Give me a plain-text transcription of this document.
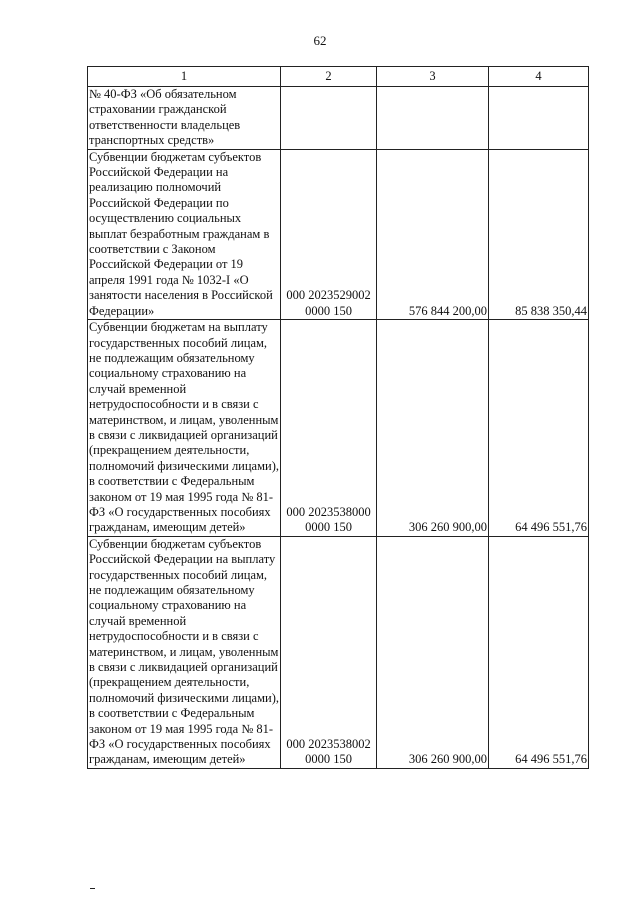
62
1	2	3	4
№ 40-ФЗ «Об обязательном страховании гражданской ответственности владельцев транспортных средств»	

Субвенции бюджетам субъектов Российской Федерации на реализацию полномочий Российской Федерации по осуществлению социальных выплат безработным гражданам в соответствии с Законом Российской Федерации от 19 апреля 1991 года № 1032-I «О занятости населения в Российской Федерации»	000 2023529002
0000 150	576 844 200,00	85 838 350,44
Субвенции бюджетам на выплату государственных пособий лицам, не подлежащим обязательному социальному страхованию на случай временной нетрудоспособности и в связи с материнством, и лицам, уволенным в связи с ликвидацией организаций (прекращением деятельности, полномочий физическими лицами), в соответствии с Федеральным законом от 19 мая 1995 года № 81-ФЗ «О государственных пособиях гражданам, имеющим детей»	000 2023538000
0000 150	306 260 900,00	64 496 551,76
Субвенции бюджетам субъектов Российской Федерации на выплату государственных пособий лицам, не подлежащим обязательному социальному страхованию на случай временной нетрудоспособности и в связи с материнством, и лицам, уволенным в связи с ликвидацией организаций (прекращением деятельности, полномочий физическими лицами), в соответствии с Федеральным законом от 19 мая 1995 года № 81-ФЗ «О государственных пособиях гражданам, имеющим детей»	000 2023538002
0000 150	306 260 900,00	64 496 551,76
